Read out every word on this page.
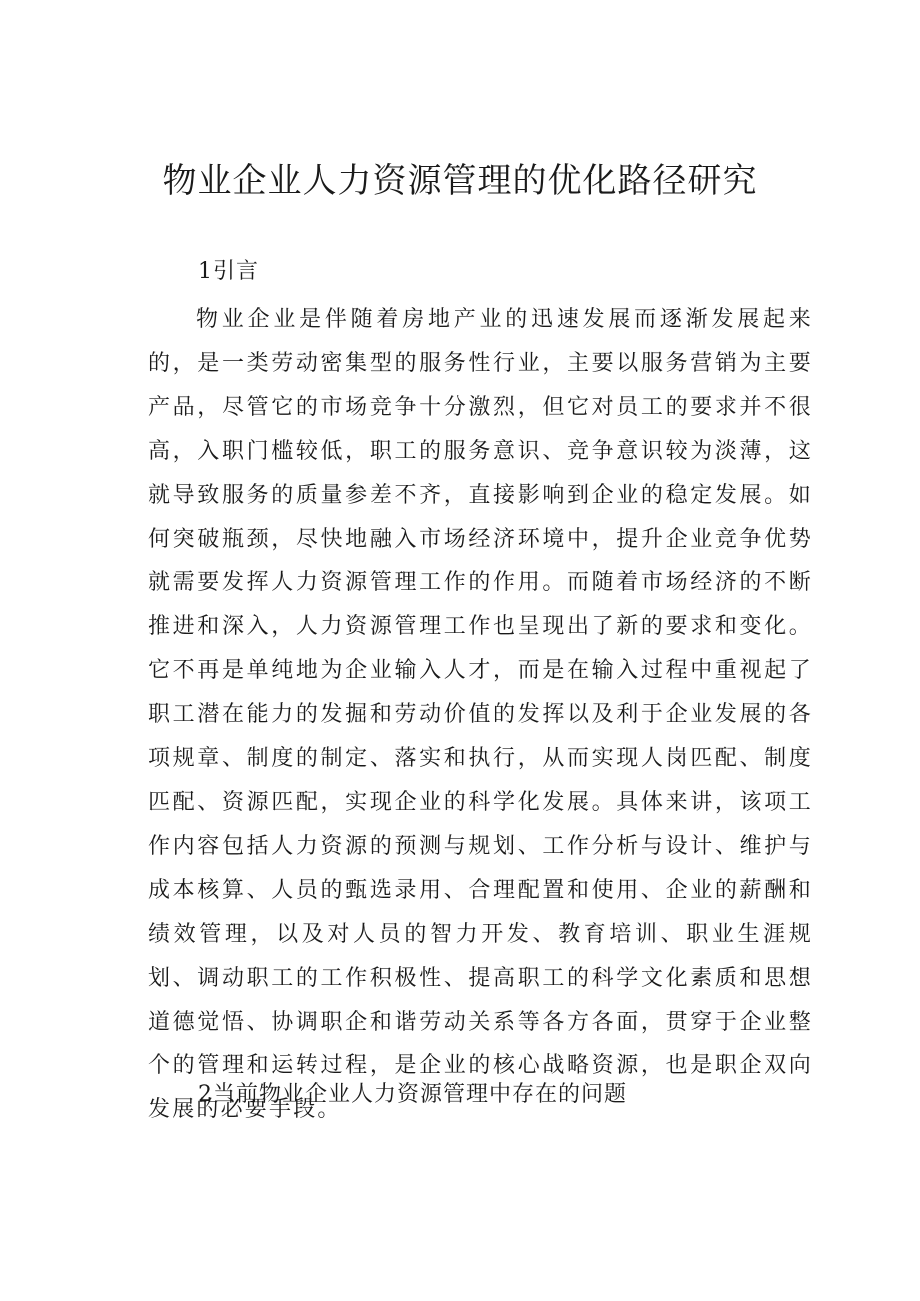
物业企业人力资源管理的优化路径研究
1引言

物业企业是伴随着房地产业的迅速发展而逐渐发展起来的，是一类劳动密集型的服务性行业，主要以服务营销为主要产品，尽管它的市场竞争十分激烈，但它对员工的要求并不很高，入职门槛较低，职工的服务意识、竞争意识较为淡薄，这就导致服务的质量参差不齐，直接影响到企业的稳定发展。如何突破瓶颈，尽快地融入市场经济环境中，提升企业竞争优势就需要发挥人力资源管理工作的作用。而随着市场经济的不断推进和深入，人力资源管理工作也呈现出了新的要求和变化。它不再是单纯地为企业输入人才，而是在输入过程中重视起了职工潜在能力的发掘和劳动价值的发挥以及利于企业发展的各项规章、制度的制定、落实和执行，从而实现人岗匹配、制度匹配、资源匹配，实现企业的科学化发展。具体来讲，该项工作内容包括人力资源的预测与规划、工作分析与设计、维护与成本核算、人员的甄选录用、合理配置和使用、企业的薪酬和绩效管理，以及对人员的智力开发、教育培训、职业生涯规划、调动职工的工作积极性、提高职工的科学文化素质和思想道德觉悟、协调职企和谐劳动关系等各方各面，贯穿于企业整个的管理和运转过程，是企业的核心战略资源，也是职企双向发展的必要手段。

2当前物业企业人力资源管理中存在的问题
